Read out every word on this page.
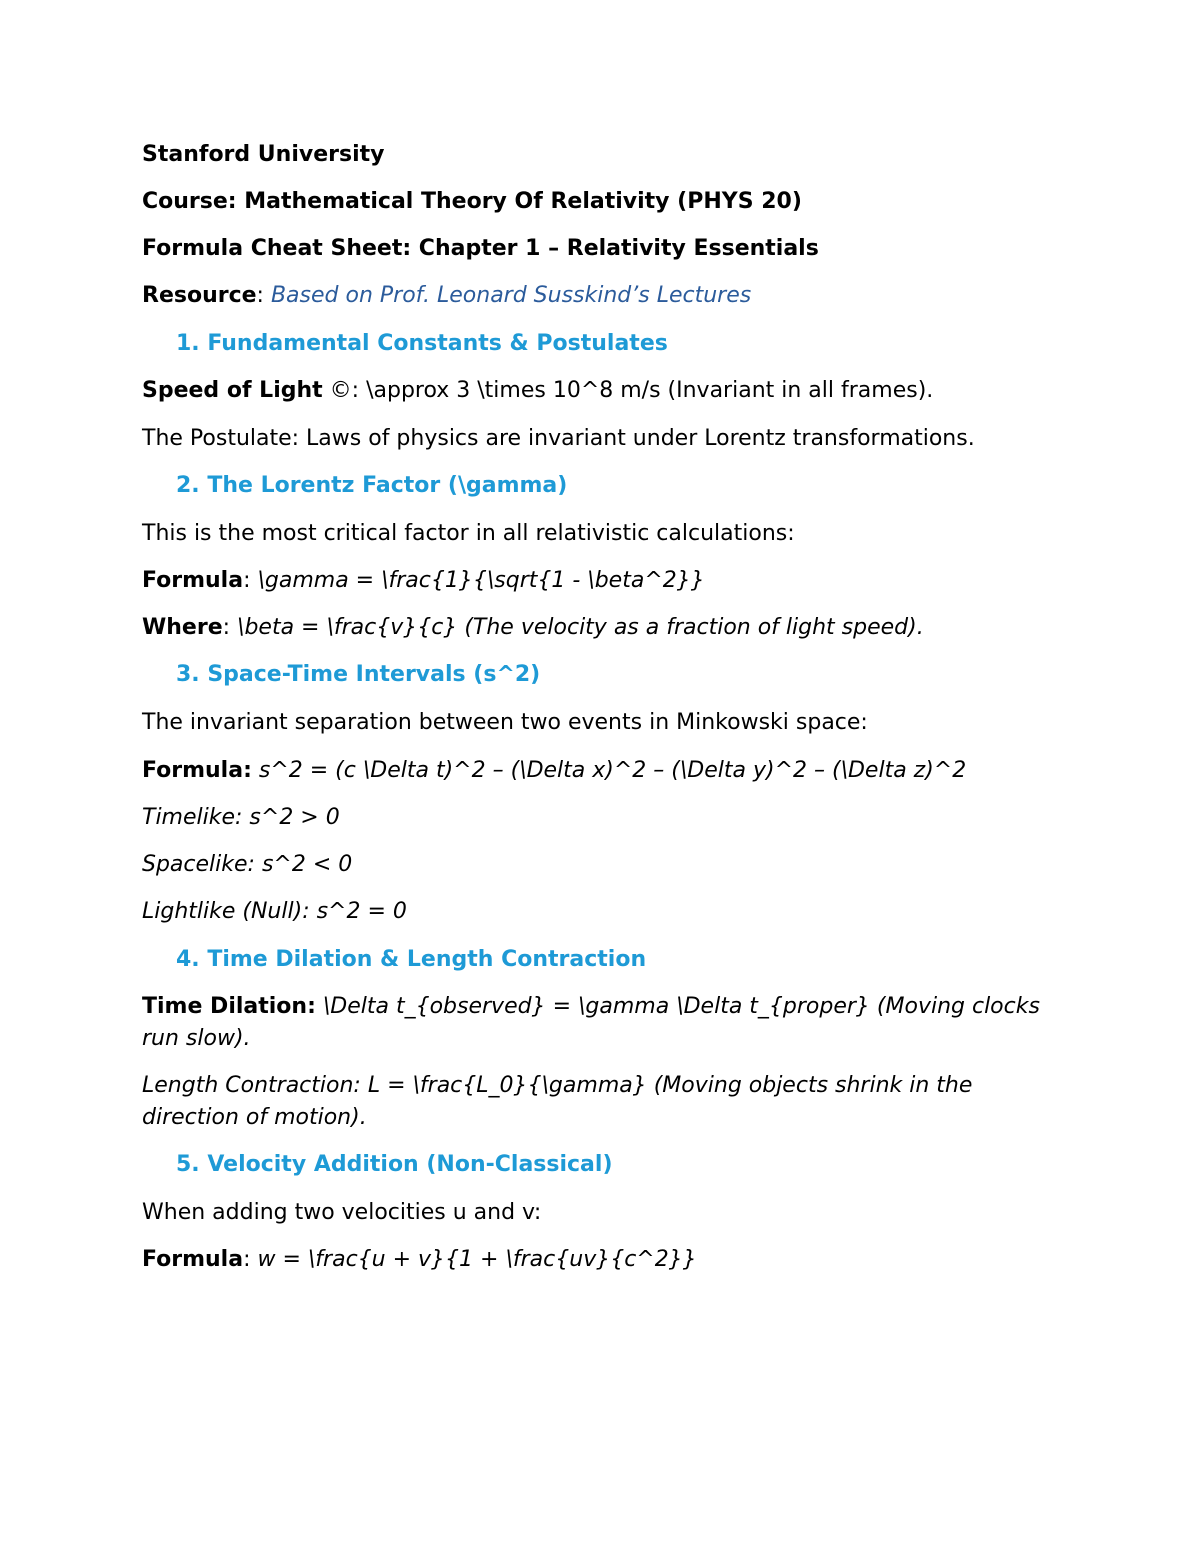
Stanford University
Course: Mathematical Theory Of Relativity (PHYS 20)
Formula Cheat Sheet: Chapter 1 – Relativity Essentials
Resource: Based on Prof. Leonard Susskind’s Lectures
1. Fundamental Constants & Postulates
Speed of Light ©: \approx 3 \times 10^8 m/s (Invariant in all frames).
The Postulate: Laws of physics are invariant under Lorentz transformations.
2. The Lorentz Factor (\gamma)
This is the most critical factor in all relativistic calculations:
Formula: \gamma = \frac{1}{\sqrt{1 - \beta^2}}
Where: \beta = \frac{v}{c} (The velocity as a fraction of light speed).
3. Space-Time Intervals (s^2)
The invariant separation between two events in Minkowski space:
Formula: s^2 = (c \Delta t)^2 – (\Delta x)^2 – (\Delta y)^2 – (\Delta z)^2
Timelike: s^2 > 0
Spacelike: s^2 < 0
Lightlike (Null): s^2 = 0
4. Time Dilation & Length Contraction
Time Dilation: \Delta t_{observed} = \gamma \Delta t_{proper} (Moving clocks run slow).
Length Contraction: L = \frac{L_0}{\gamma} (Moving objects shrink in the direction of motion).
5. Velocity Addition (Non-Classical)
When adding two velocities u and v:
Formula: w = \frac{u + v}{1 + \frac{uv}{c^2}}
